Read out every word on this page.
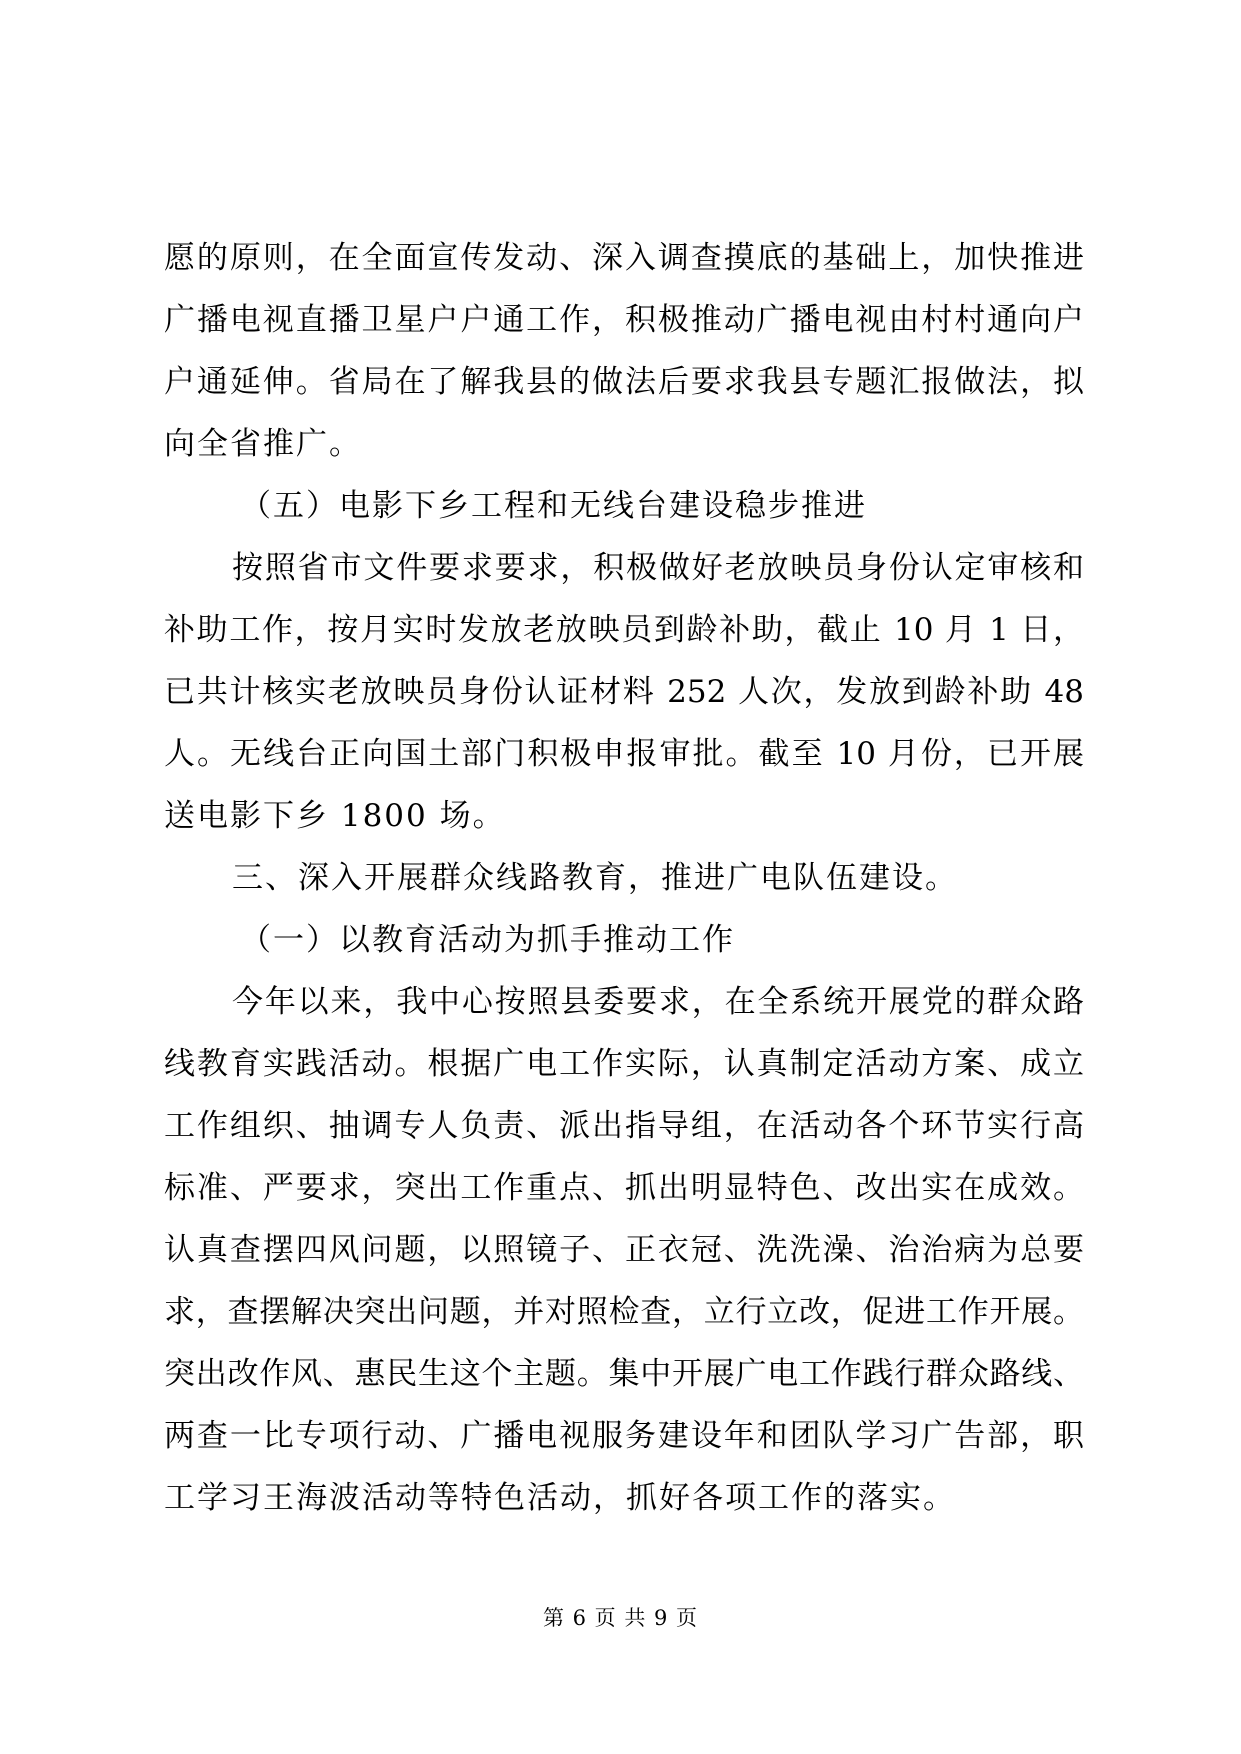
愿的原则，在全面宣传发动、深入调查摸底的基础上，加快推进
广播电视直播卫星户户通工作，积极推动广播电视由村村通向户
户通延伸。省局在了解我县的做法后要求我县专题汇报做法，拟
向全省推广。
（五）电影下乡工程和无线台建设稳步推进
按照省市文件要求要求，积极做好老放映员身份认定审核和
补助工作，按月实时发放老放映员到龄补助，截止 10 月 1 日，
已共计核实老放映员身份认证材料 252 人次，发放到龄补助 48
人。无线台正向国土部门积极申报审批。截至 10 月份，已开展
送电影下乡 1800 场。
三、深入开展群众线路教育，推进广电队伍建设。
（一）以教育活动为抓手推动工作
今年以来，我中心按照县委要求，在全系统开展党的群众路
线教育实践活动。根据广电工作实际，认真制定活动方案、成立
工作组织、抽调专人负责、派出指导组，在活动各个环节实行高
标准、严要求，突出工作重点、抓出明显特色、改出实在成效。
认真查摆四风问题，以照镜子、正衣冠、洗洗澡、治治病为总要
求，查摆解决突出问题，并对照检查，立行立改，促进工作开展。
突出改作风、惠民生这个主题。集中开展广电工作践行群众路线、
两查一比专项行动、广播电视服务建设年和团队学习广告部，职
工学习王海波活动等特色活动，抓好各项工作的落实。
第 6 页 共 9 页
